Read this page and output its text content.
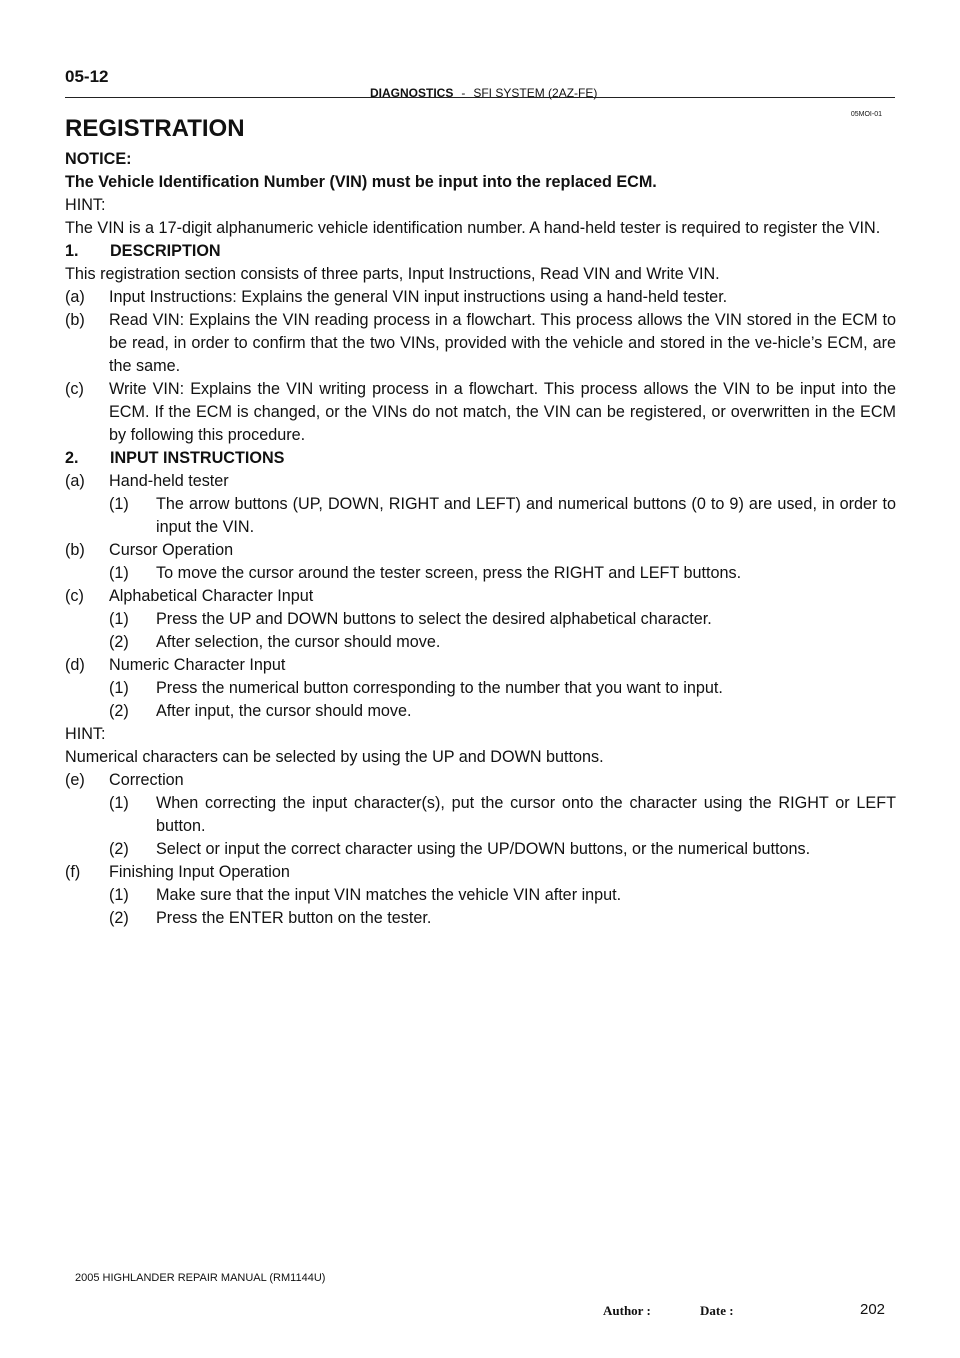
05-12
DIAGNOSTICS - SFI SYSTEM (2AZ-FE)
05MOI-01
REGISTRATION

NOTICE:

The Vehicle Identification Number (VIN) must be input into the replaced ECM.

HINT:

The VIN is a 17-digit alphanumeric vehicle identification number. A hand-held tester is required to register the VIN.

1.       DESCRIPTION

This registration section consists of three parts, Input Instructions, Read VIN and Write VIN.

(a)	Input Instructions: Explains the general VIN input instructions using a hand-held tester.
(b)	Read VIN: Explains the VIN reading process in a flowchart. This process allows the VIN stored in the ECM to be read, in order to confirm that the two VINs, provided with the vehicle and stored in the ve-hicle’s ECM, are the same.
(c)	Write VIN: Explains the VIN writing process in a flowchart. This process allows the VIN to be input into the ECM. If the ECM is changed, or the VINs do not match, the VIN can be registered, or overwritten in the ECM by following this procedure.

2.       INPUT INSTRUCTIONS

(a)	Hand-held tester
(1)	The arrow buttons (UP, DOWN, RIGHT and LEFT) and numerical buttons (0 to 9) are used, in order to input the VIN.
(b)	Cursor Operation
(1)	To move the cursor around the tester screen, press the RIGHT and LEFT buttons.
(c)	Alphabetical Character Input
(1)	Press the UP and DOWN buttons to select the desired alphabetical character.
(2)	After selection, the cursor should move.
(d)	Numeric Character Input
(1)	Press the numerical button corresponding to the number that you want to input.
(2)	After input, the cursor should move.

HINT:

Numerical characters can be selected by using the UP and DOWN buttons.

(e)	Correction
(1)	When correcting the input character(s), put the cursor onto the character using the RIGHT or LEFT button.
(2)	Select or input the correct character using the UP/DOWN buttons, or the numerical buttons.
(f)	Finishing Input Operation
(1)	Make sure that the input VIN matches the vehicle VIN after input.
(2)	Press the ENTER button on the tester.
2005 HIGHLANDER REPAIR MANUAL (RM1144U)
Author :	Date :	202
